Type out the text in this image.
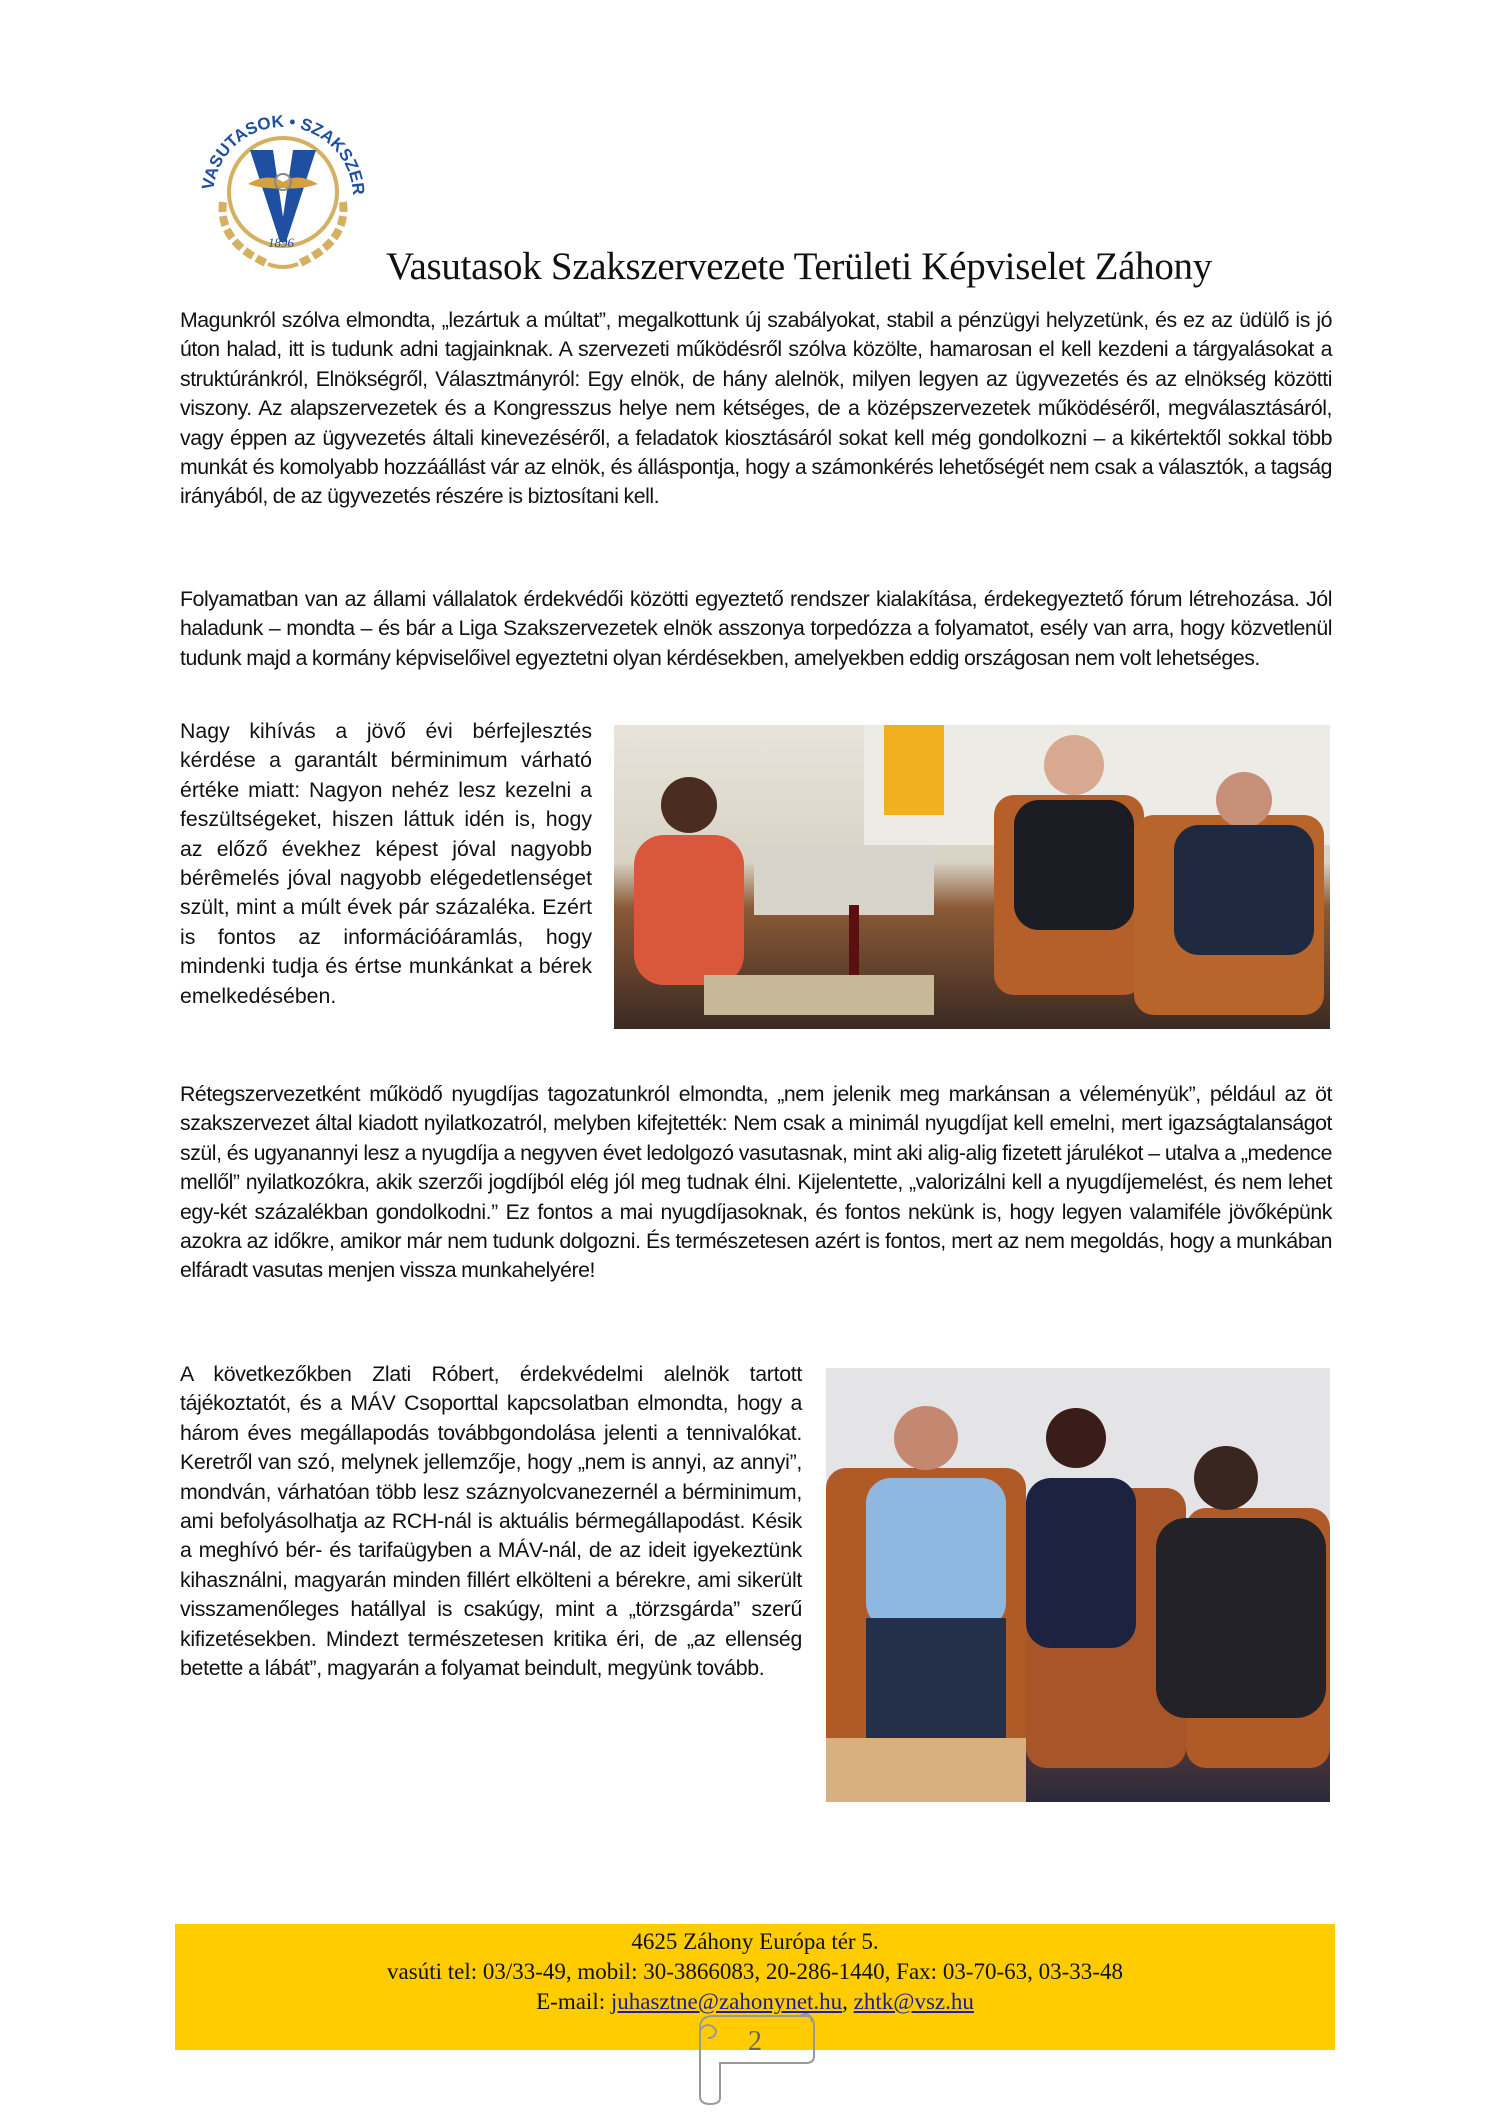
VASUTASOK • SZAKSZER
1896
Vasutasok Szakszervezete Területi Képviselet Záhony

Magunkról szólva elmondta, „lezártuk a múltat”, megalkottunk új szabályokat, stabil a pénzügyi helyzetünk, és ez az üdülő is jó úton halad, itt is tudunk adni tagjainknak. A szervezeti működésről szólva közölte, hamarosan el kell kezdeni a tárgyalásokat a struktúránkról, Elnökségről, Választmányról: Egy elnök, de hány alelnök, milyen legyen az ügyvezetés és az elnökség közötti viszony. Az alapszervezetek és a Kongresszus helye nem kétséges, de a középszervezetek működéséről, megválasztásáról, vagy éppen az ügyvezetés általi kinevezéséről, a feladatok kiosztásáról sokat kell még gondolkozni – a kikértektől sokkal több munkát és komolyabb hozzáállást vár az elnök, és álláspontja, hogy a számonkérés lehetőségét nem csak a választók, a tagság irányából, de az ügyvezetés részére is biztosítani kell.

Folyamatban van az állami vállalatok érdekvédői közötti egyeztető rendszer kialakítása, érdekegyeztető fórum létrehozása. Jól haladunk – mondta – és bár a Liga Szakszervezetek elnök asszonya torpedózza a folyamatot, esély van arra, hogy közvetlenül tudunk majd a kormány képviselőivel egyeztetni olyan kérdésekben, amelyekben eddig országosan nem volt lehetséges.

Nagy kihívás a jövő évi bérfejlesztés kérdése a garantált bérminimum várható értéke miatt: Nagyon nehéz lesz kezelni a feszültségeket, hiszen láttuk idén is, hogy az előző évekhez képest jóval nagyobb bérêmelés jóval nagyobb elégedetlenséget szült, mint a múlt évek pár százaléka. Ezért is fontos az információáramlás, hogy mindenki tudja és értse munkánkat a bérek emelkedésében.

Rétegszervezetként működő nyugdíjas tagozatunkról elmondta, „nem jelenik meg markánsan a véleményük”, például az öt szakszervezet által kiadott nyilatkozatról, melyben kifejtették: Nem csak a minimál nyugdíjat kell emelni, mert igazságtalanságot szül, és ugyanannyi lesz a nyugdíja a negyven évet ledolgozó vasutasnak, mint aki alig-alig fizetett járulékot – utalva a „medence mellől” nyilatkozókra, akik szerzői jogdíjból elég jól meg tudnak élni. Kijelentette, „valorizálni kell a nyugdíjemelést, és nem lehet egy-két százalékban gondolkodni.” Ez fontos a mai nyugdíjasoknak, és fontos nekünk is, hogy legyen valamiféle jövőképünk azokra az időkre, amikor már nem tudunk dolgozni. És természetesen azért is fontos, mert az nem megoldás, hogy a munkában elfáradt vasutas menjen vissza munkahelyére!

A következőkben Zlati Róbert, érdekvédelmi alelnök tartott tájékoztatót, és a MÁV Csoporttal kapcsolatban elmondta, hogy a három éves megállapodás továbbgondolása jelenti a tennivalókat. Keretről van szó, melynek jellemzője, hogy „nem is annyi, az annyi”, mondván, várhatóan több lesz száznyolcvanezernél a bérminimum, ami befolyásolhatja az RCH-nál is aktuális bérmegállapodást. Késik a meghívó bér- és tarifaügyben a MÁV-nál, de az ideit igyekeztünk kihasználni, magyarán minden fillért elkölteni a bérekre, ami sikerült visszamenőleges hatállyal is csakúgy, mint a „törzsgárda” szerű kifizetésekben. Mindezt természetesen kritika éri, de „az ellenség betette a lábát”, magyarán a folyamat beindult, megyünk tovább.

4625 Záhony Európa tér 5.
vasúti tel: 03/33-49, mobil: 30-3866083, 20-286-1440, Fax: 03-70-63, 03-33-48
E-mail: juhasztne@zahonynet.hu, zhtk@vsz.hu
2
